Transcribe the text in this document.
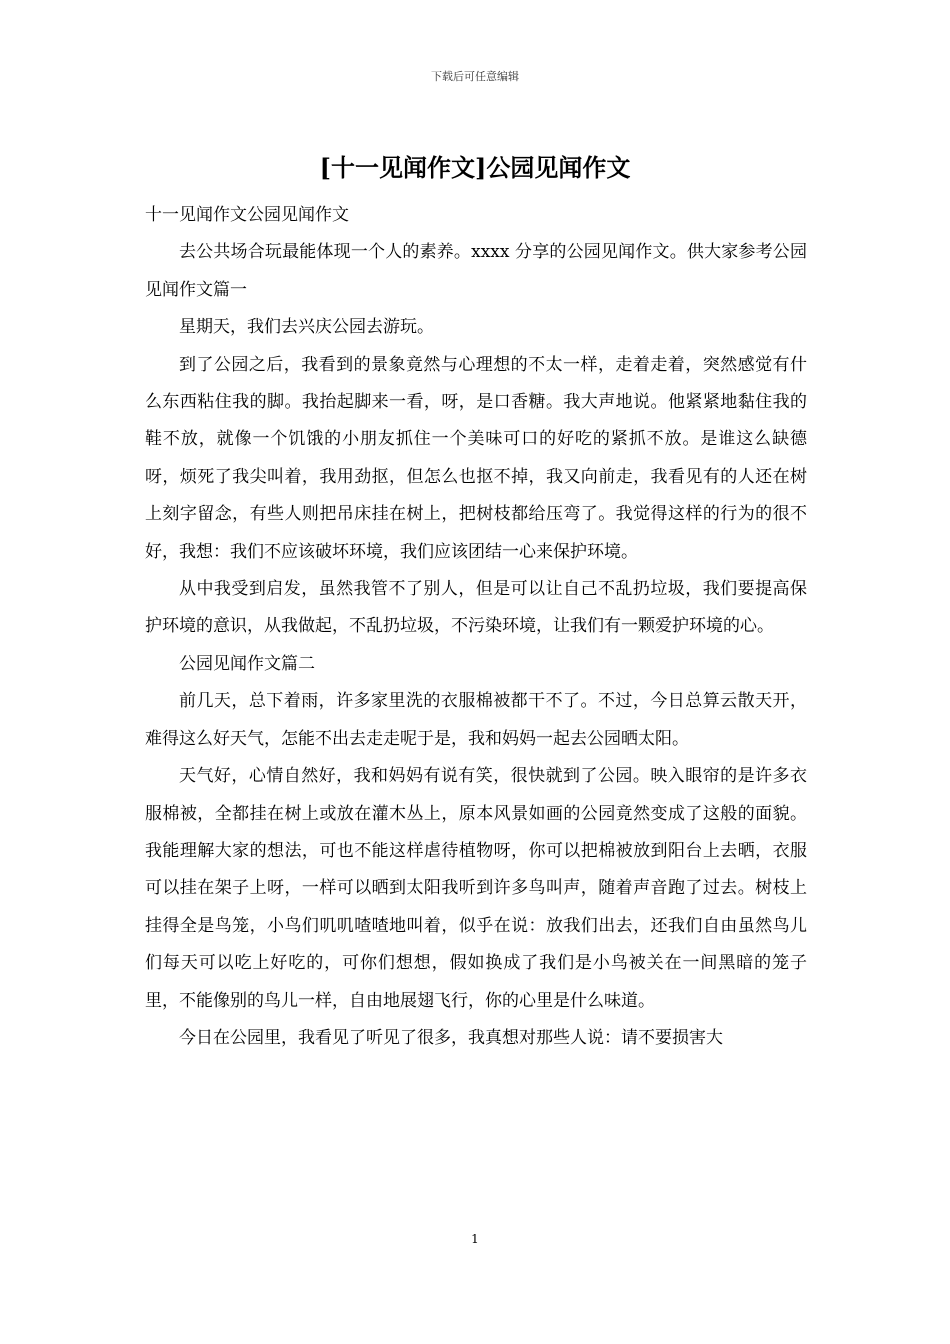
下载后可任意编辑
[十一见闻作文]公园见闻作文

十一见闻作文公园见闻作文

去公共场合玩最能体现一个人的素养。xxxx 分享的公园见闻作文。供大家参考公园见闻作文篇一

星期天，我们去兴庆公园去游玩。

到了公园之后，我看到的景象竟然与心理想的不太一样，走着走着，突然感觉有什么东西粘住我的脚。我抬起脚来一看，呀，是口香糖。我大声地说。他紧紧地黏住我的鞋不放，就像一个饥饿的小朋友抓住一个美味可口的好吃的紧抓不放。是谁这么缺德呀，烦死了我尖叫着，我用劲抠，但怎么也抠不掉，我又向前走，我看见有的人还在树上刻字留念，有些人则把吊床挂在树上，把树枝都给压弯了。我觉得这样的行为的很不好，我想：我们不应该破坏环境，我们应该团结一心来保护环境。

从中我受到启发，虽然我管不了别人，但是可以让自己不乱扔垃圾，我们要提高保护环境的意识，从我做起，不乱扔垃圾，不污染环境，让我们有一颗爱护环境的心。

公园见闻作文篇二

前几天，总下着雨，许多家里洗的衣服棉被都干不了。不过，今日总算云散天开，难得这么好天气，怎能不出去走走呢于是，我和妈妈一起去公园晒太阳。

天气好，心情自然好，我和妈妈有说有笑，很快就到了公园。映入眼帘的是许多衣服棉被，全都挂在树上或放在灌木丛上，原本风景如画的公园竟然变成了这般的面貌。我能理解大家的想法，可也不能这样虐待植物呀，你可以把棉被放到阳台上去晒，衣服可以挂在架子上呀，一样可以晒到太阳我听到许多鸟叫声，随着声音跑了过去。树枝上挂得全是鸟笼，小鸟们叽叽喳喳地叫着，似乎在说：放我们出去，还我们自由虽然鸟儿们每天可以吃上好吃的，可你们想想，假如换成了我们是小鸟被关在一间黑暗的笼子里，不能像别的鸟儿一样，自由地展翅飞行，你的心里是什么味道。

今日在公园里，我看见了听见了很多，我真想对那些人说：请不要损害大

1
